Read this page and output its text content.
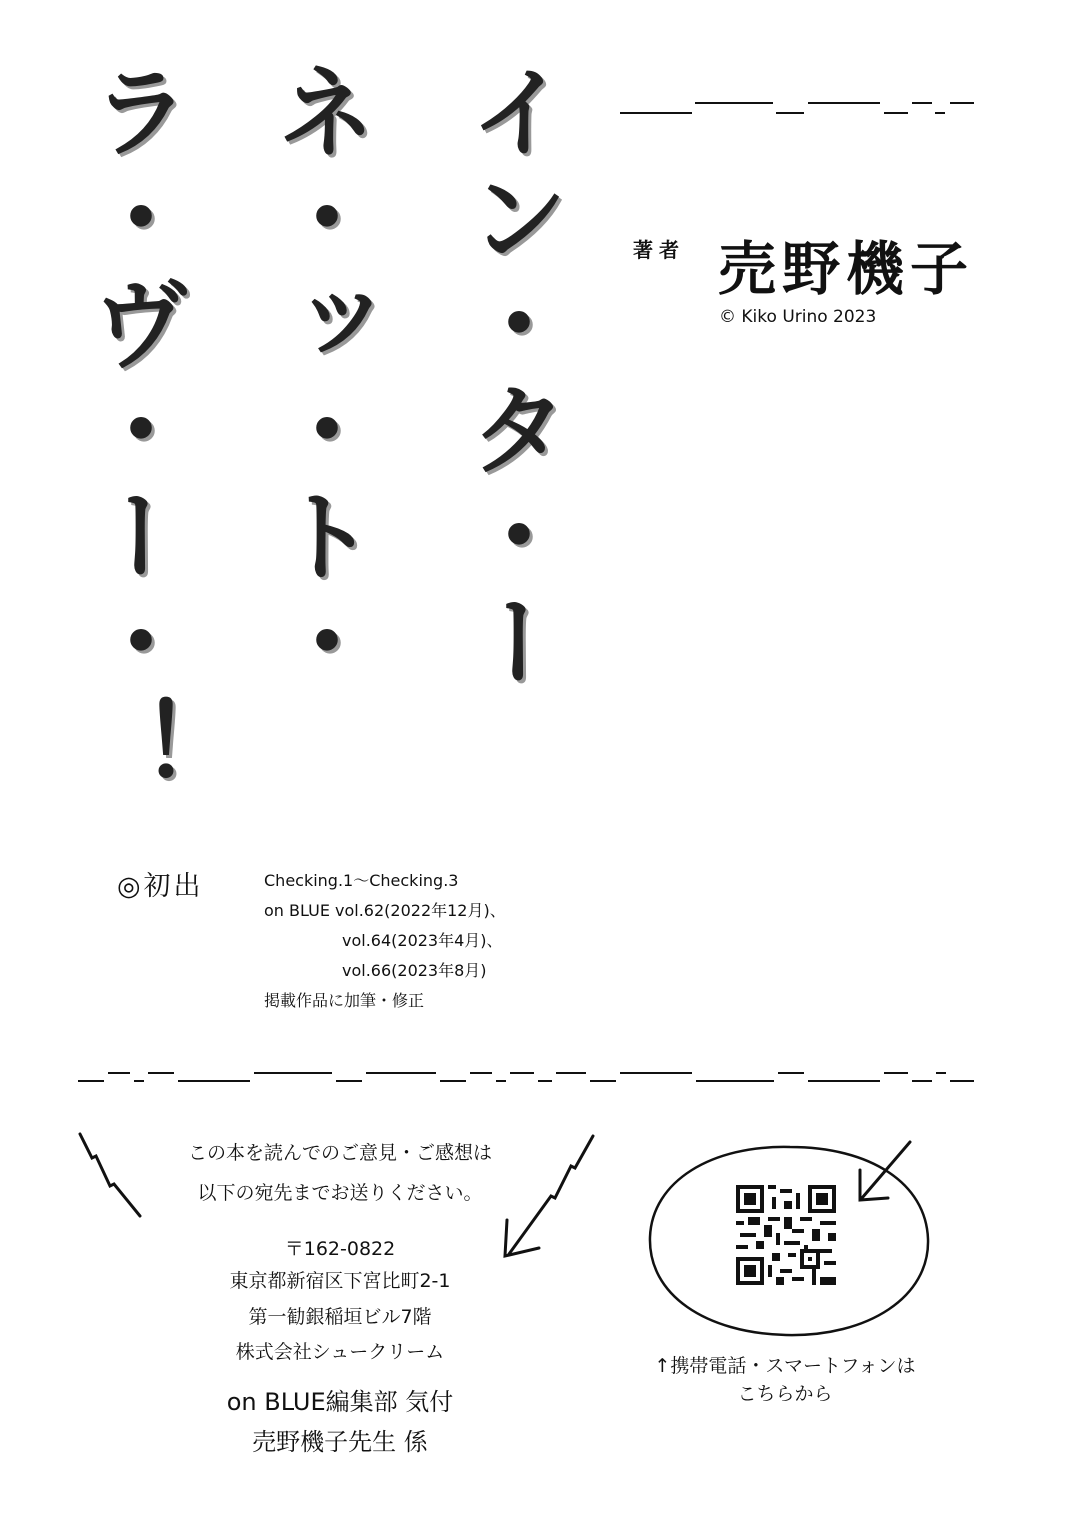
イン・タ・ー
ネ・ッ・ト・
ラ・ヴ・ー・！	著者 売野機子
© Kiko Urino 2023
◎初出	Checking.1〜Checking.3
on BLUE vol.62(2022年12月)、
vol.64(2023年4月)、
vol.66(2023年8月)
掲載作品に加筆・修正
この本を読んでのご意見・ご感想は
以下の宛先までお送りください。
〒162-0822
東京都新宿区下宮比町2-1
第一勧銀稲垣ビル7階
株式会社シュークリーム
on BLUE編集部 気付
売野機子先生 係
↑携帯電話・スマートフォンは
こちらから
